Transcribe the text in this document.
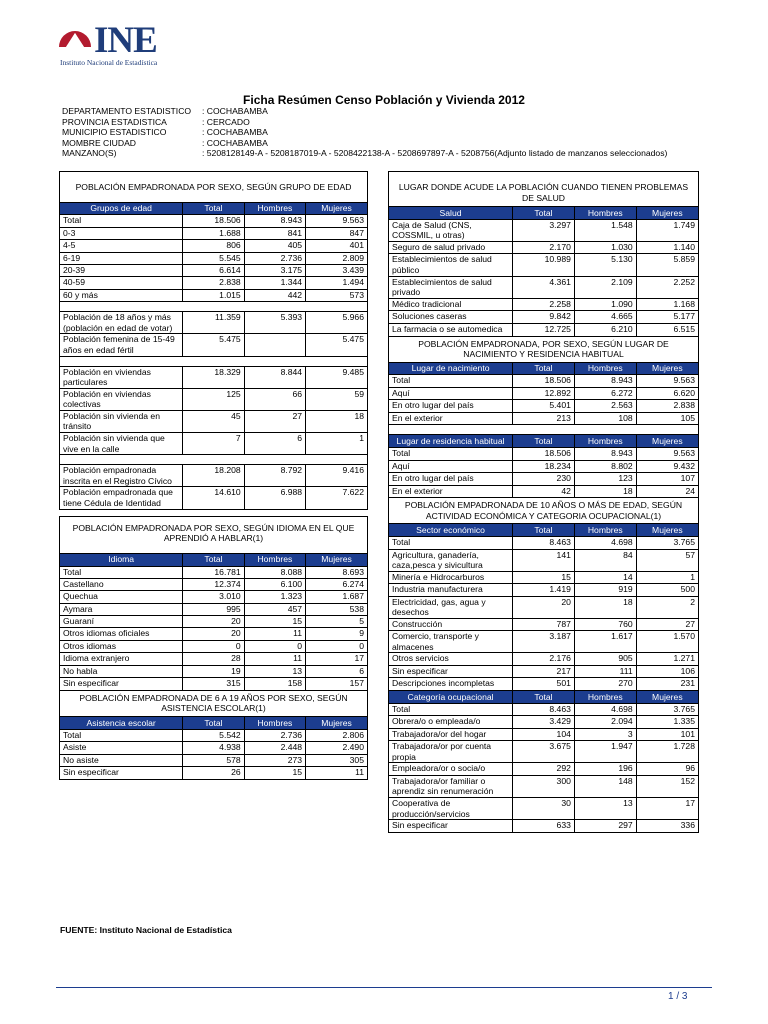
INE
Instituto Nacional de Estadística
Ficha Resúmen Censo Población y Vivienda 2012
DEPARTAMENTO ESTADISTICO	: COCHABAMBA
PROVINCIA ESTADISTICA	: CERCADO
MUNICIPIO ESTADISTICO	: COCHABAMBA
MOMBRE CIUDAD	: COCHABAMBA
MANZANO(S)	: 5208128149-A - 5208187019-A - 5208422138-A - 5208697897-A - 5208756(Adjunto listado de manzanos seleccionados)
POBLACIÓN EMPADRONADA POR SEXO, SEGÚN GRUPO DE EDAD
Grupos de edad	Total	Hombres	Mujeres
Total	18.506	8.943	9.563
0-3	1.688	841	847
4-5	806	405	401
6-19	5.545	2.736	2.809
20-39	6.614	3.175	3.439
40-59	2.838	1.344	1.494
60 y más	1.015	442	573

Población de 18 años y más (población en edad de votar)	11.359	5.393	5.966
Población femenina de 15-49 años en edad fértil	5.475		5.475

Población en viviendas particulares	18.329	8.844	9.485
Población en viviendas colectivas	125	66	59
Población sin vivienda en tránsito	45	27	18
Población sin vivienda que vive en la calle	7	6	1

Población empadronada inscrita en el Registro Cívico	18.208	8.792	9.416
Población empadronada que tiene Cédula de Identidad	14.610	6.988	7.622
POBLACIÓN EMPADRONADA POR SEXO, SEGÚN IDIOMA EN EL QUE APRENDIÓ A HABLAR(1)
Idioma	Total	Hombres	Mujeres
Total	16.781	8.088	8.693
Castellano	12.374	6.100	6.274
Quechua	3.010	1.323	1.687
Aymara	995	457	538
Guaraní	20	15	5
Otros idiomas oficiales	20	11	9
Otros idiomas	0	0	0
Idioma extranjero	28	11	17
No habla	19	13	6
Sin especificar	315	158	157
POBLACIÓN EMPADRONADA DE 6 A 19 AÑOS POR SEXO, SEGÚN ASISTENCIA ESCOLAR(1)
Asistencia escolar	Total	Hombres	Mujeres
Total	5.542	2.736	2.806
Asiste	4.938	2.448	2.490
No asiste	578	273	305
Sin especificar	26	15	11
LUGAR DONDE ACUDE LA POBLACIÓN CUANDO TIENEN PROBLEMAS DE SALUD
Salud	Total	Hombres	Mujeres
Caja de Salud (CNS, COSSMIL, u otras)	3.297	1.548	1.749
Seguro de salud privado	2.170	1.030	1.140
Establecimientos de salud público	10.989	5.130	5.859
Establecimientos de salud privado	4.361	2.109	2.252
Médico tradicional	2.258	1.090	1.168
Soluciones caseras	9.842	4.665	5.177
La farmacia o se automedica	12.725	6.210	6.515
POBLACIÓN EMPADRONADA, POR SEXO, SEGÚN LUGAR DE NACIMIENTO Y RESIDENCIA HABITUAL
Lugar de nacimiento	Total	Hombres	Mujeres
Total	18.506	8.943	9.563
Aquí	12.892	6.272	6.620
En otro lugar del país	5.401	2.563	2.838
En el exterior	213	108	105
Lugar de residencia habitual	Total	Hombres	Mujeres
Total	18.506	8.943	9.563
Aquí	18.234	8.802	9.432
En otro lugar del país	230	123	107
En el exterior	42	18	24
POBLACIÓN EMPADRONADA DE 10 AÑOS O MÁS DE EDAD, SEGÚN ACTIVIDAD ECONÓMICA Y CATEGORIA OCUPACIONAL(1)
Sector económico	Total	Hombres	Mujeres
Total	8.463	4.698	3.765
Agricultura, ganadería, caza,pesca y sivicultura	141	84	57
Minería e Hidrocarburos	15	14	1
Industria manufacturera	1.419	919	500
Electricidad, gas, agua y desechos	20	18	2
Construcción	787	760	27
Comercio, transporte y almacenes	3.187	1.617	1.570
Otros servicios	2.176	905	1.271
Sin especificar	217	111	106
Descripciones incompletas	501	270	231
Categoría ocupacional	Total	Hombres	Mujeres
Total	8.463	4.698	3.765
Obrera/o o empleada/o	3.429	2.094	1.335
Trabajadora/or del hogar	104	3	101
Trabajadora/or por cuenta propia	3.675	1.947	1.728
Empleadora/or o socia/o	292	196	96
Trabajadora/or familiar o aprendiz sin renumeración	300	148	152
Cooperativa de producción/servicios	30	13	17
Sin especificar	633	297	336
FUENTE: Instituto Nacional de Estadística
1 / 3
